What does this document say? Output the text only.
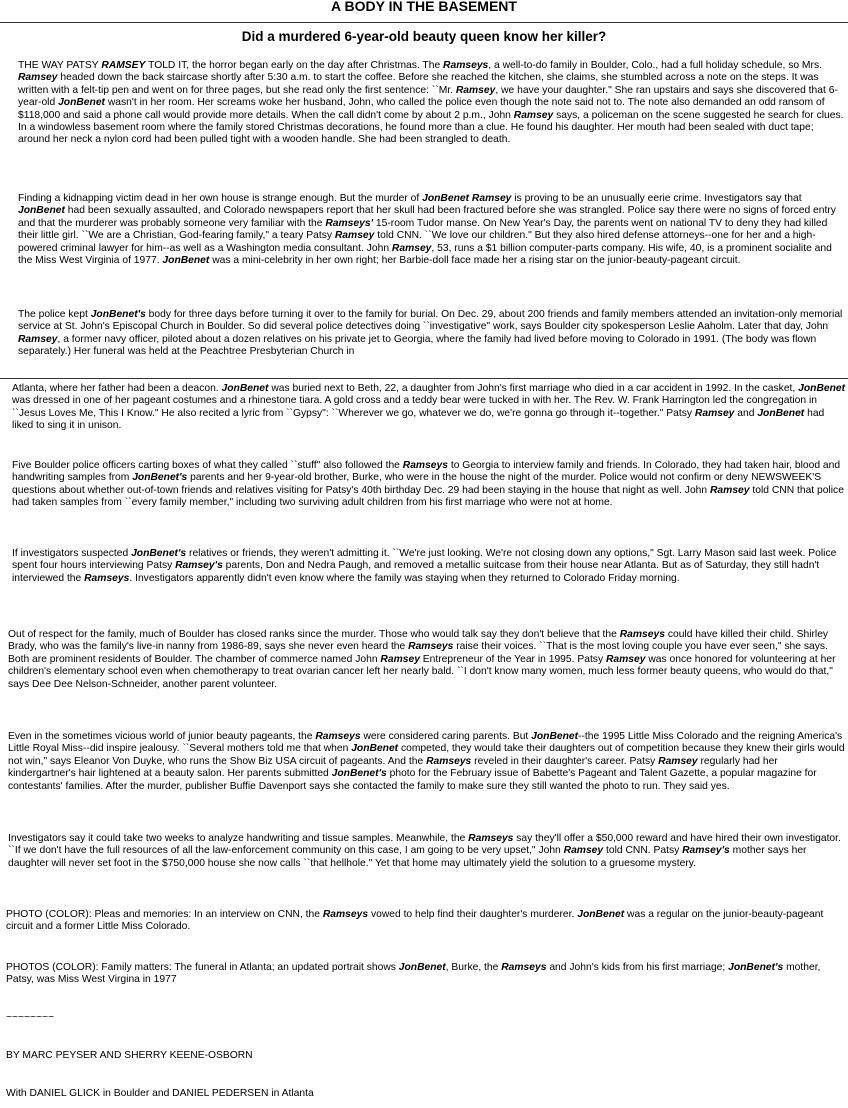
A BODY IN THE BASEMENT
Did a murdered 6-year-old beauty queen know her killer?
THE WAY PATSY RAMSEY TOLD IT, the horror began early on the day after Christmas. The Ramseys, a well-to-do family in Boulder, Colo., had a full holiday schedule, so Mrs. Ramsey headed down the back staircase shortly after 5:30 a.m. to start the coffee. Before she reached the kitchen, she claims, she stumbled across a note on the steps. It was written with a felt-tip pen and went on for three pages, but she read only the first sentence: ``Mr. Ramsey, we have your daughter." She ran upstairs and says she discovered that 6-year-old JonBenet wasn't in her room. Her screams woke her husband, John, who called the police even though the note said not to. The note also demanded an odd ransom of $118,000 and said a phone call would provide more details. When the call didn't come by about 2 p.m., John Ramsey says, a policeman on the scene suggested he search for clues. In a windowless basement room where the family stored Christmas decorations, he found more than a clue. He found his daughter. Her mouth had been sealed with duct tape; around her neck a nylon cord had been pulled tight with a wooden handle. She had been strangled to death.
Finding a kidnapping victim dead in her own house is strange enough. But the murder of JonBenet Ramsey is proving to be an unusually eerie crime. Investigators say that JonBenet had been sexually assaulted, and Colorado newspapers report that her skull had been fractured before she was strangled. Police say there were no signs of forced entry and that the murderer was probably someone very familiar with the Ramseys' 15-room Tudor manse. On New Year's Day, the parents went on national TV to deny they had killed their little girl. ``We are a Christian, God-fearing family," a teary Patsy Ramsey told CNN. ``We love our children." But they also hired defense attorneys--one for her and a high-powered criminal lawyer for him--as well as a Washington media consultant. John Ramsey, 53, runs a $1 billion computer-parts company. His wife, 40, is a prominent socialite and the Miss West Virginia of 1977. JonBenet was a mini-celebrity in her own right; her Barbie-doll face made her a rising star on the junior-beauty-pageant circuit.
The police kept JonBenet's body for three days before turning it over to the family for burial. On Dec. 29, about 200 friends and family members attended an invitation-only memorial service at St. John's Episcopal Church in Boulder. So did several police detectives doing ``investigative" work, says Boulder city spokesperson Leslie Aaholm. Later that day, John Ramsey, a former navy officer, piloted about a dozen relatives on his private jet to Georgia, where the family had lived before moving to Colorado in 1991. (The body was flown separately.) Her funeral was held at the Peachtree Presbyterian Church in
Atlanta, where her father had been a deacon. JonBenet was buried next to Beth, 22, a daughter from John's first marriage who died in a car accident in 1992. In the casket, JonBenet was dressed in one of her pageant costumes and a rhinestone tiara. A gold cross and a teddy bear were tucked in with her. The Rev. W. Frank Harrington led the congregation in ``Jesus Loves Me, This I Know." He also recited a lyric from ``Gypsy": ``Wherever we go, whatever we do, we're gonna go through it--together." Patsy Ramsey and JonBenet had liked to sing it in unison.
Five Boulder police officers carting boxes of what they called ``stuff" also followed the Ramseys to Georgia to interview family and friends. In Colorado, they had taken hair, blood and handwriting samples from JonBenet's parents and her 9-year-old brother, Burke, who were in the house the night of the murder. Police would not confirm or deny NEWSWEEK'S questions about whether out-of-town friends and relatives visiting for Patsy's 40th birthday Dec. 29 had been staying in the house that night as well. John Ramsey told CNN that police had taken samples from ``every family member," including two surviving adult children from his first marriage who were not at home.
If investigators suspected JonBenet's relatives or friends, they weren't admitting it. ``We're just looking. We're not closing down any options," Sgt. Larry Mason said last week. Police spent four hours interviewing Patsy Ramsey's parents, Don and Nedra Paugh, and removed a metallic suitcase from their house near Atlanta. But as of Saturday, they still hadn't interviewed the Ramseys. Investigators apparently didn't even know where the family was staying when they returned to Colorado Friday morning.
Out of respect for the family, much of Boulder has closed ranks since the murder. Those who would talk say they don't believe that the Ramseys could have killed their child. Shirley Brady, who was the family's live-in nanny from 1986-89, says she never even heard the Ramseys raise their voices. ``That is the most loving couple you have ever seen," she says. Both are prominent residents of Boulder. The chamber of commerce named John Ramsey Entrepreneur of the Year in 1995. Patsy Ramsey was once honored for volunteering at her children's elementary school even when chemotherapy to treat ovarian cancer left her nearly bald. ``I don't know many women, much less former beauty queens, who would do that," says Dee Dee Nelson-Schneider, another parent volunteer.
Even in the sometimes vicious world of junior beauty pageants, the Ramseys were considered caring parents. But JonBenet--the 1995 Little Miss Colorado and the reigning America's Little Royal Miss--did inspire jealousy. ``Several mothers told me that when JonBenet competed, they would take their daughters out of competition because they knew their girls would not win," says Eleanor Von Duyke, who runs the Show Biz USA circuit of pageants. And the Ramseys reveled in their daughter's career. Patsy Ramsey regularly had her kindergartner's hair lightened at a beauty salon. Her parents submitted JonBenet's photo for the February issue of Babette's Pageant and Talent Gazette, a popular magazine for contestants' families. After the murder, publisher Buffie Davenport says she contacted the family to make sure they still wanted the photo to run. They said yes.
Investigators say it could take two weeks to analyze handwriting and tissue samples. Meanwhile, the Ramseys say they'll offer a $50,000 reward and have hired their own investigator. ``If we don't have the full resources of all the law-enforcement community on this case, I am going to be very upset," John Ramsey told CNN. Patsy Ramsey's mother says her daughter will never set foot in the $750,000 house she now calls ``that hellhole." Yet that home may ultimately yield the solution to a gruesome mystery.
PHOTO (COLOR): Pleas and memories: In an interview on CNN, the Ramseys vowed to help find their daughter's murderer. JonBenet was a regular on the junior-beauty-pageant circuit and a former Little Miss Colorado.
PHOTOS (COLOR): Family matters: The funeral in Atlanta; an updated portrait shows JonBenet, Burke, the Ramseys and John's kids from his first marriage; JonBenet's mother, Patsy, was Miss West Virgina in 1977
~~~~~~~~
BY MARC PEYSER AND SHERRY KEENE-OSBORN
With DANIEL GLICK in Boulder and DANIEL PEDERSEN in Atlanta
